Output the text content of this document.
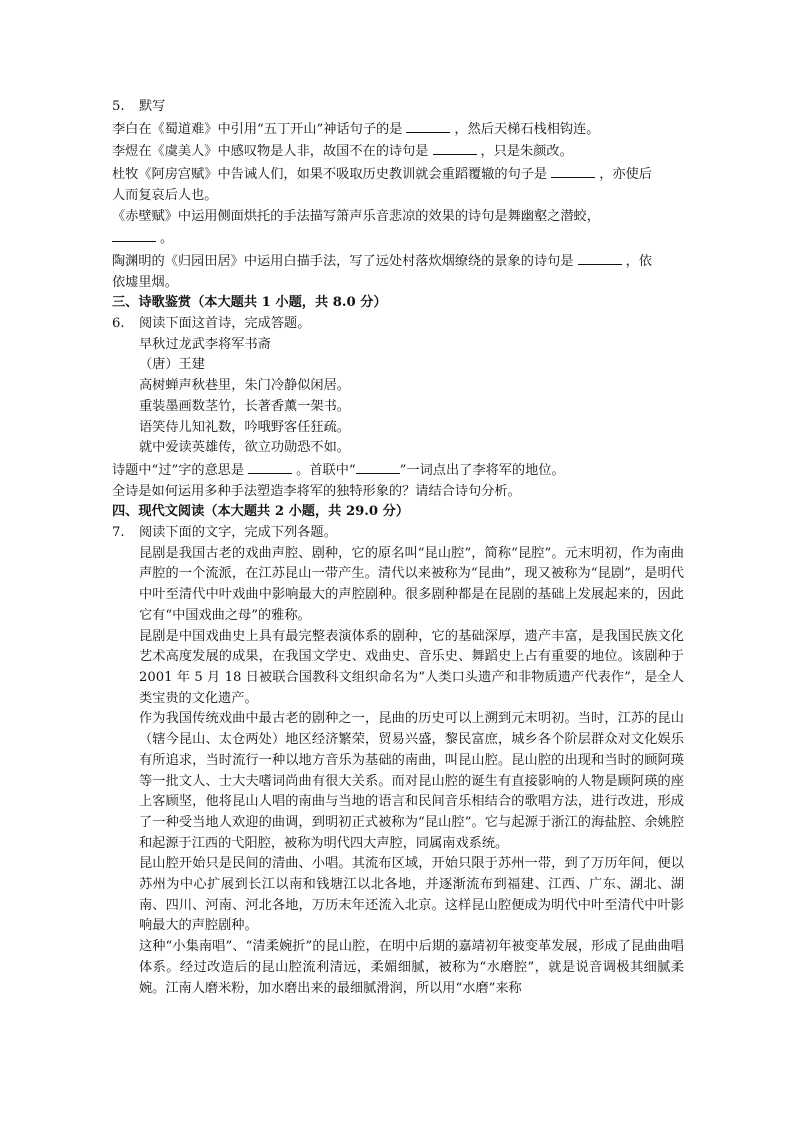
5. 默写
李白在《蜀道难》中引用“五丁开山”神话句子的是	，然后天梯石栈相钩连。
李煜在《虞美人》中感叹物是人非，故国不在的诗句是	，只是朱颜改。
杜牧《阿房宫赋》中告诫人们，如果不吸取历史教训就会重蹈覆辙的句子是	，亦使后
人而复哀后人也。
《赤壁赋》中运用侧面烘托的手法描写箫声乐音悲凉的效果的诗句是舞幽壑之潜蛟，
。
陶渊明的《归园田居》中运用白描手法，写了远处村落炊烟缭绕的景象的诗句是	，依
依墟里烟。
三、诗歌鉴赏（本大题共 1 小题，共 8.0 分）
6. 阅读下面这首诗，完成答题。
早秋过龙武李将军书斋
（唐）王建
高树蝉声秋巷里，朱门冷静似闲居。
重装墨画数茎竹，长著香薰一架书。
语笑侍儿知礼数，吟哦野客任狂疏。
就中爱读英雄传，欲立功勋恐不如。
诗题中“过”字的意思是	。首联中“	”一词点出了李将军的地位。
全诗是如何运用多种手法塑造李将军的独特形象的？请结合诗句分析。
四、现代文阅读（本大题共 2 小题，共 29.0 分）
7. 阅读下面的文字，完成下列各题。
昆剧是我国古老的戏曲声腔、剧种，它的原名叫“昆山腔”，简称“昆腔”。元末明初，作为南曲声腔的一个流派，在江苏昆山一带产生。清代以来被称为“昆曲”，现又被称为“昆剧”，是明代中叶至清代中叶戏曲中影响最大的声腔剧种。很多剧种都是在昆剧的基础上发展起来的，因此它有“中国戏曲之母”的雅称。
昆剧是中国戏曲史上具有最完整表演体系的剧种，它的基础深厚，遗产丰富，是我国民族文化艺术高度发展的成果，在我国文学史、戏曲史、音乐史、舞蹈史上占有重要的地位。该剧种于 2001 年 5 月 18 日被联合国教科文组织命名为“人类口头遗产和非物质遗产代表作”，是全人类宝贵的文化遗产。
作为我国传统戏曲中最古老的剧种之一，昆曲的历史可以上溯到元末明初。当时，江苏的昆山（辖今昆山、太仓两处）地区经济繁荣，贸易兴盛，黎民富庶，城乡各个阶层群众对文化娱乐有所追求，当时流行一种以地方音乐为基础的南曲，叫昆山腔。昆山腔的出现和当时的顾阿瑛等一批文人、士大夫嗜词尚曲有很大关系。而对昆山腔的诞生有直接影响的人物是顾阿瑛的座上客顾坚，他将昆山人唱的南曲与当地的语言和民间音乐相结合的歌唱方法，进行改进，形成了一种受当地人欢迎的曲调，到明初正式被称为“昆山腔”。它与起源于浙江的海盐腔、余姚腔和起源于江西的弋阳腔，被称为明代四大声腔，同属南戏系统。
昆山腔开始只是民间的清曲、小唱。其流布区域，开始只限于苏州一带，到了万历年间，便以苏州为中心扩展到长江以南和钱塘江以北各地，并逐渐流布到福建、江西、广东、湖北、湖南、四川、河南、河北各地，万历末年还流入北京。这样昆山腔便成为明代中叶至清代中叶影响最大的声腔剧种。
这种“小集南唱”、“清柔婉折”的昆山腔，在明中后期的嘉靖初年被变革发展，形成了昆曲曲唱体系。经过改造后的昆山腔流利清远，柔媚细腻，被称为“水磨腔”，就是说音调极其细腻柔婉。江南人磨米粉，加水磨出来的最细腻滑润，所以用“水磨”来称
